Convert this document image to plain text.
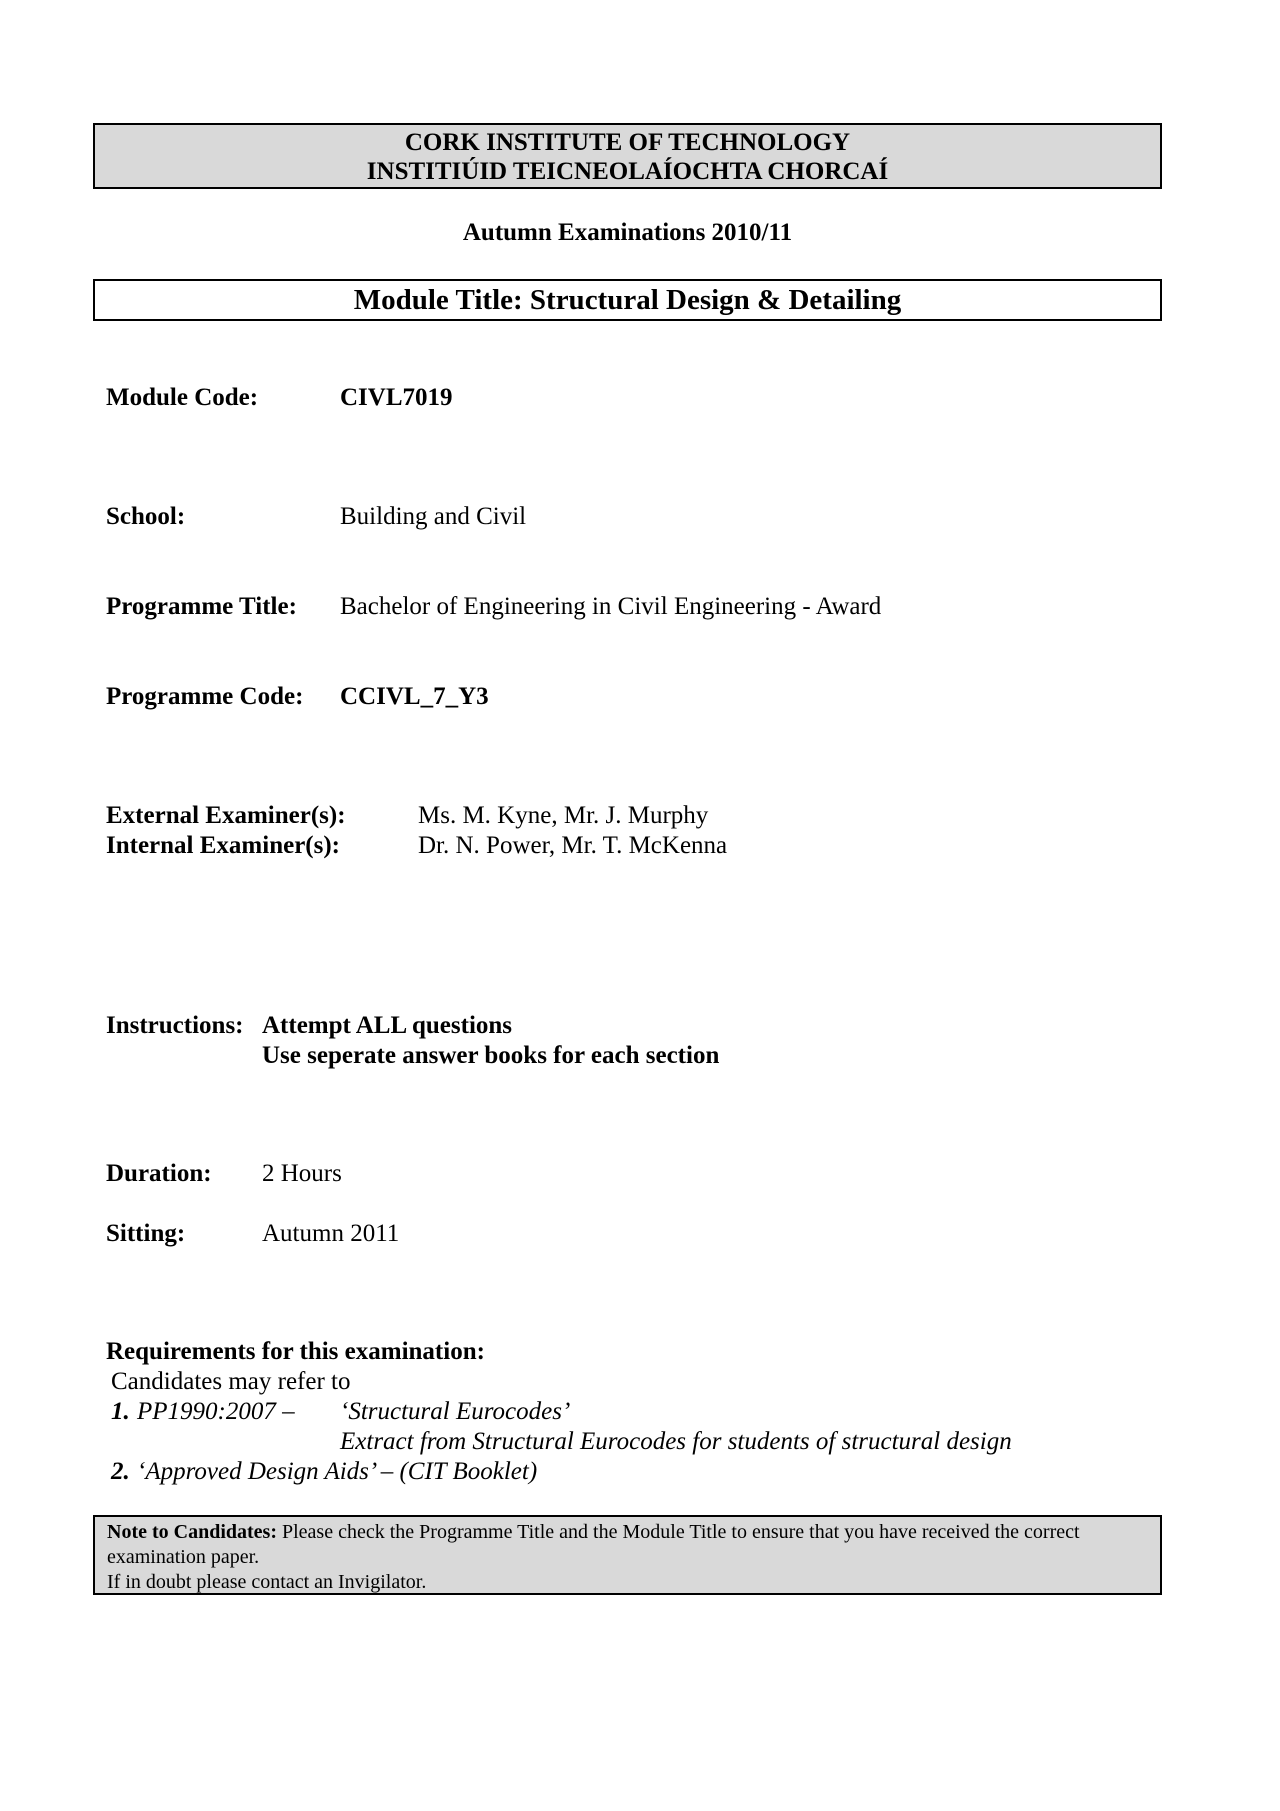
CORK INSTITUTE OF TECHNOLOGY
INSTITIÚID TEICNEOLAÍOCHTA CHORCAÍ
Autumn Examinations 2010/11
Module Title: Structural Design & Detailing
Module Code:	CIVL7019
School:	Building and Civil
Programme Title: Bachelor of Engineering in Civil Engineering - Award
Programme Code: CCIVL_7_Y3
External Examiner(s):	Ms. M. Kyne, Mr. J. Murphy
Internal Examiner(s):	Dr. N. Power, Mr. T. McKenna
Instructions: Attempt ALL questions
Use seperate answer books for each section
Duration: 2 Hours
Sitting:	Autumn 2011
Requirements for this examination:
Candidates may refer to
1. PP1990:2007 – ‘Structural Eurocodes’
Extract from Structural Eurocodes for students of structural design
2. ‘Approved Design Aids’ – (CIT Booklet)
Note to Candidates: Please check the Programme Title and the Module Title to ensure that you have received the correct examination paper.
If in doubt please contact an Invigilator.
